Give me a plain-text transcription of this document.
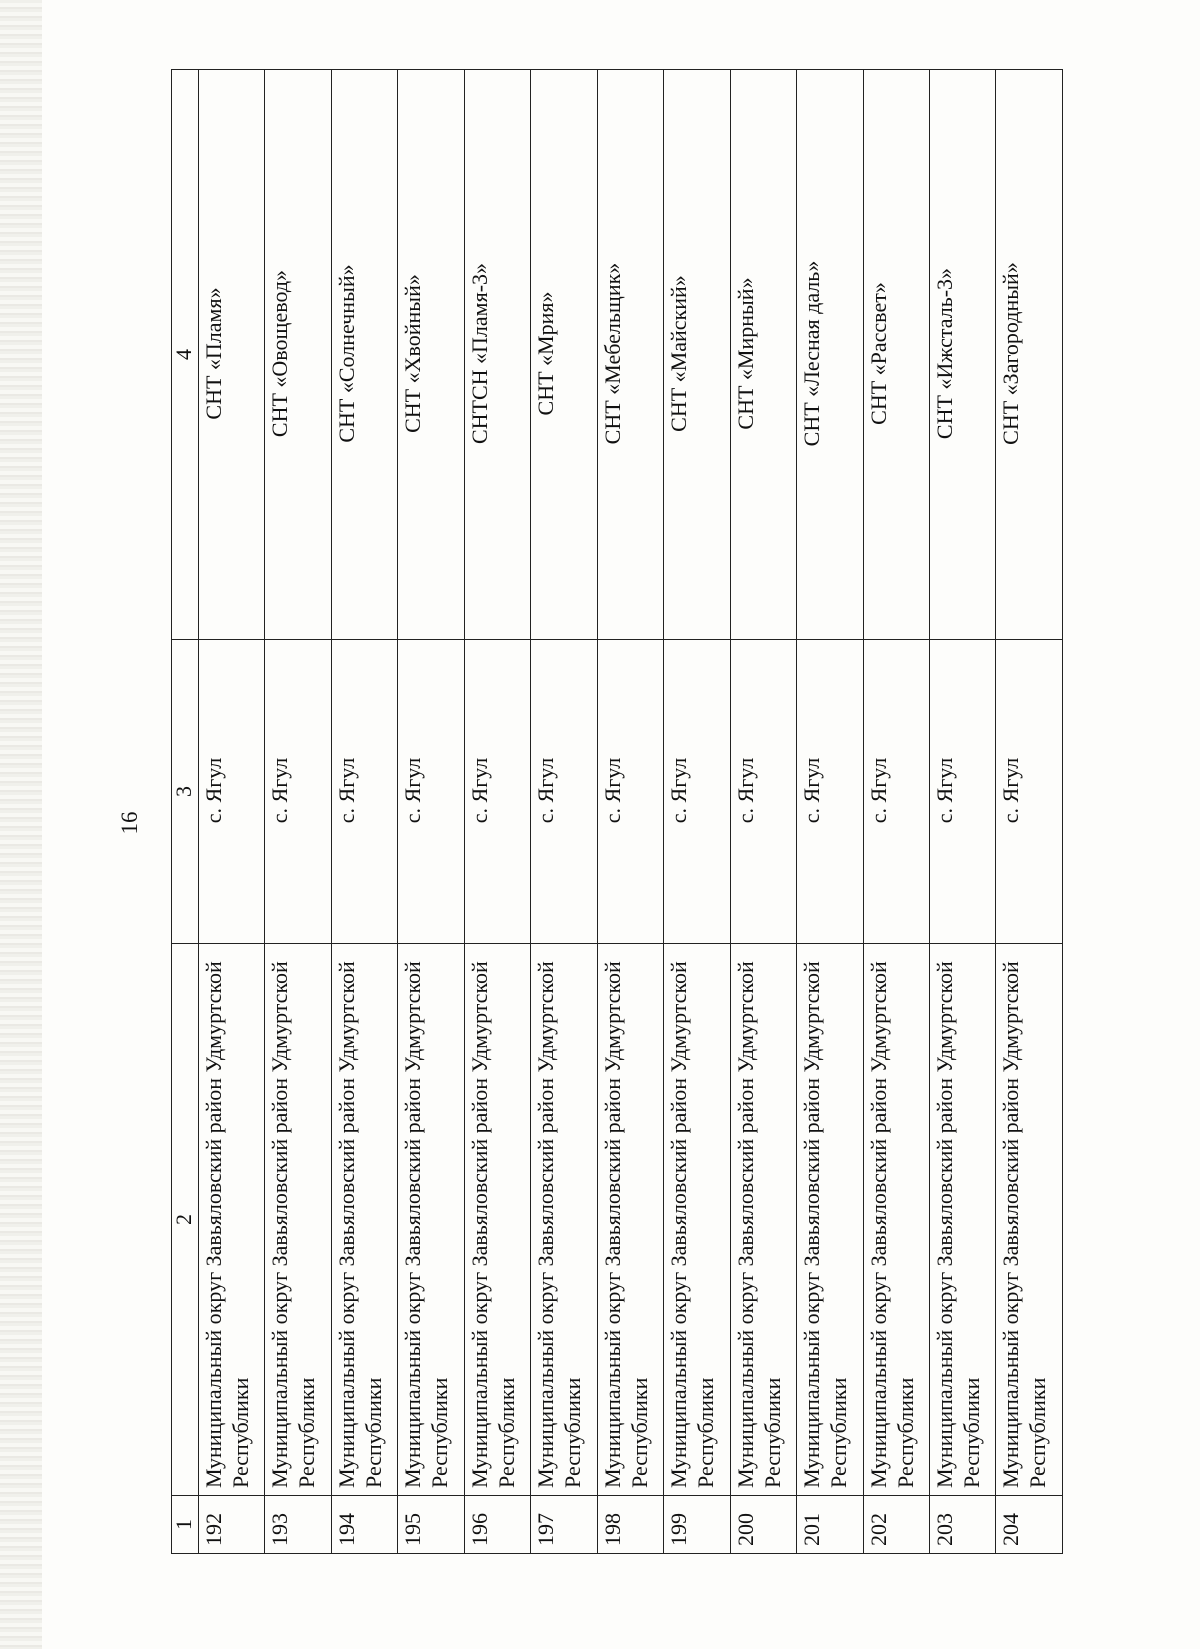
16
1	2	3	4
192	Муниципальный округ Завьяловский район Удмуртской Республики	с. Ягул	СНТ «Пламя»
193	Муниципальный округ Завьяловский район Удмуртской Республики	с. Ягул	СНТ «Овощевод»
194	Муниципальный округ Завьяловский район Удмуртской Республики	с. Ягул	СНТ «Солнечный»
195	Муниципальный округ Завьяловский район Удмуртской Республики	с. Ягул	СНТ «Хвойный»
196	Муниципальный округ Завьяловский район Удмуртской Республики	с. Ягул	СНТСН «Пламя-3»
197	Муниципальный округ Завьяловский район Удмуртской Республики	с. Ягул	СНТ «Мрия»
198	Муниципальный округ Завьяловский район Удмуртской Республики	с. Ягул	СНТ «Мебельщик»
199	Муниципальный округ Завьяловский район Удмуртской Республики	с. Ягул	СНТ «Майский»
200	Муниципальный округ Завьяловский район Удмуртской Республики	с. Ягул	СНТ «Мирный»
201	Муниципальный округ Завьяловский район Удмуртской Республики	с. Ягул	СНТ «Лесная даль»
202	Муниципальный округ Завьяловский район Удмуртской Республики	с. Ягул	СНТ «Рассвет»
203	Муниципальный округ Завьяловский район Удмуртской Республики	с. Ягул	СНТ «Ижсталь-3»
204	Муниципальный округ Завьяловский район Удмуртской Республики	с. Ягул	СНТ «Загородный»
